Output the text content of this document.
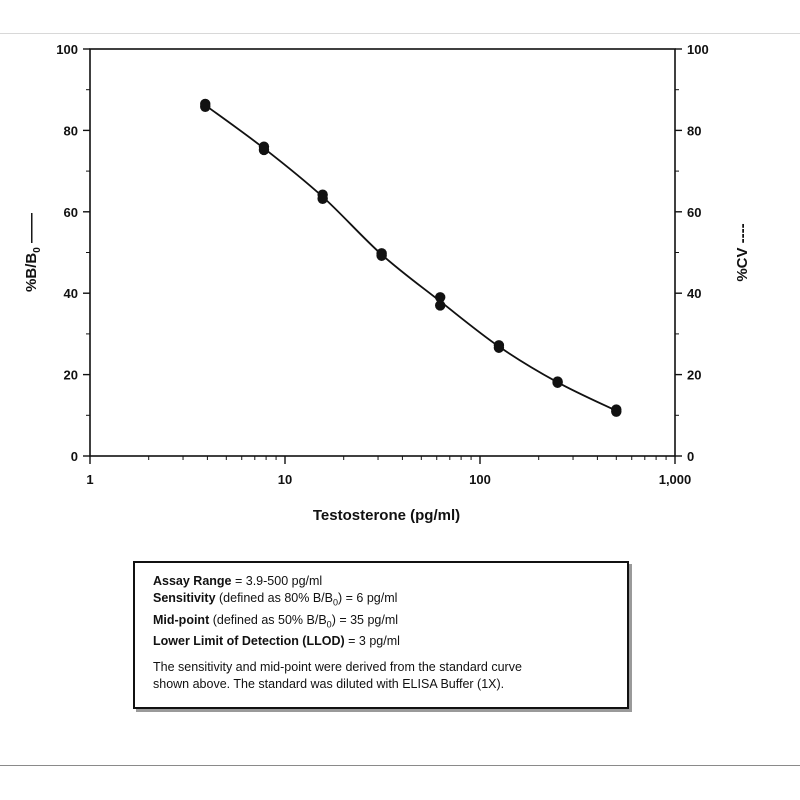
0	0
20	20
40	40
60	60
80	80
100	100
1	10	100	1,000
Testosterone (pg/ml)
$\%B/B_0$ ——	%CV ----
Assay Range = 3.9-500 pg/ml
Sensitivity (defined as 80% $B/B_0) = 6$ pg/ml
Mid-point (defined as 50% $B/B_0) = 35$ pg/ml
Lower Limit of Detection (LLOD) = 3 pg/ml
The sensitivity and mid-point were derived from the standard curve
shown above. The standard was diluted with ELISA Buffer (1X).
